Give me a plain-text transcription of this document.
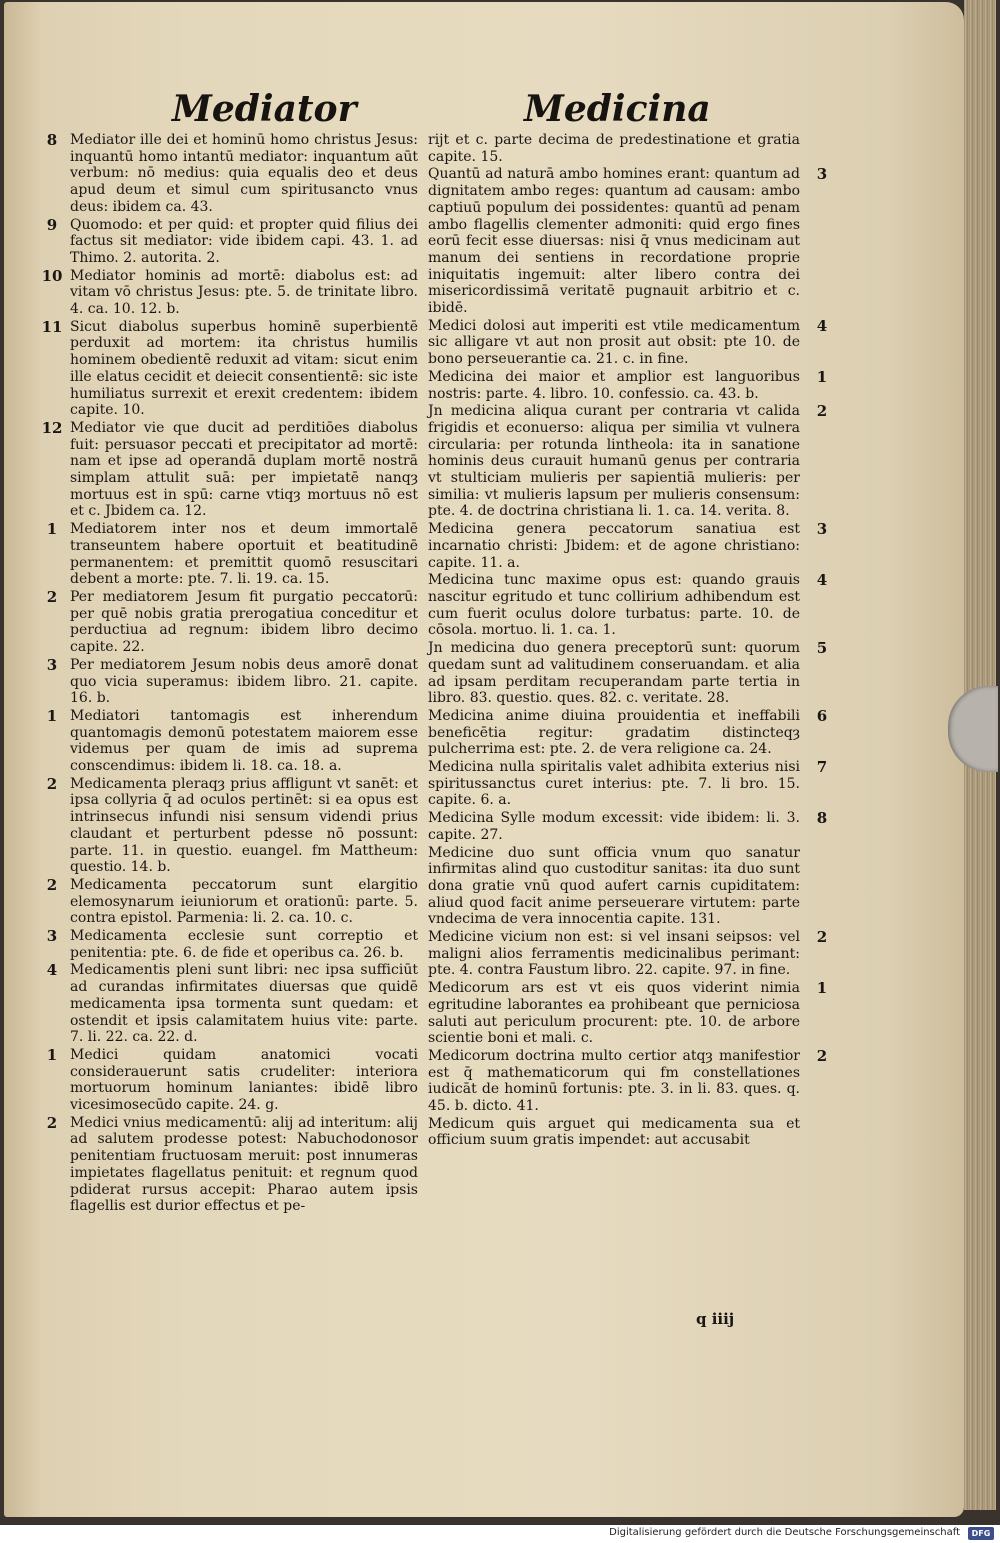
Mediator	Medicina
8 Mediator ille dei et hominū homo christus Jesus: inquantū homo intantū mediator: inquantum aūt verbum: nō medius: quia equalis deo et deus apud deum et simul cum spiritusancto vnus deus: ibidem ca. 43.
9 Quomodo: et per quid: et propter quid filius dei factus sit mediator: vide ibidem capi. 43. 1. ad Thimo. 2. autorita. 2.
10 Mediator hominis ad mortē: diabolus est: ad vitam vō christus Jesus: pte. 5. de trinitate libro. 4. ca. 10. 12. b.
11 Sicut diabolus superbus hominē superbientē perduxit ad mortem: ita christus humilis hominem obedientē reduxit ad vitam: sicut enim ille elatus cecidit et deiecit consentientē: sic iste humiliatus surrexit et erexit credentem: ibidem capite. 10.
12 Mediator vie que ducit ad perditiōes diabolus fuit: persuasor peccati et precipitator ad mortē: nam et ipse ad operandā duplam mortē nostrā simplam attulit suā: per impietatē nanqȝ mortuus est in spū: carne vtiqȝ mortuus nō est et c. Jbidem ca. 12.
1 Mediatorem inter nos et deum immortalē transeuntem habere oportuit et beatitudinē permanentem: et premittit quomō resuscitari debent a morte: pte. 7. li. 19. ca. 15.
2 Per mediatorem Jesum fit purgatio peccatorū: per quē nobis gratia prerogatiua conceditur et perductiua ad regnum: ibidem libro decimo capite. 22.
3 Per mediatorem Jesum nobis deus amorē donat quo vicia superamus: ibidem libro. 21. capite. 16. b.
1 Mediatori tantomagis est inherendum quantomagis demonū potestatem maiorem esse videmus per quam de imis ad suprema conscendimus: ibidem li. 18. ca. 18. a.
2 Medicamenta pleraqȝ prius affligunt vt sanēt: et ipsa collyria q̄ ad oculos pertinēt: si ea opus est intrinsecus infundi nisi sensum videndi prius claudant et perturbent pdesse nō possunt: parte. 11. in questio. euangel. fm Mattheum: questio. 14. b.
2 Medicamenta peccatorum sunt elargitio elemosynarum ieiuniorum et orationū: parte. 5. contra epistol. Parmenia: li. 2. ca. 10. c.
3 Medicamenta ecclesie sunt correptio et penitentia: pte. 6. de fide et operibus ca. 26. b.
4 Medicamentis pleni sunt libri: nec ipsa sufficiūt ad curandas infirmitates diuersas que quidē medicamenta ipsa tormenta sunt quedam: et ostendit et ipsis calamitatem huius vite: parte. 7. li. 22. ca. 22. d.
1 Medici quidam anatomici vocati considerauerunt satis crudeliter: interiora mortuorum hominum laniantes: ibidē libro vicesimosecūdo capite. 24. g.
2 Medici vnius medicamentū: alij ad interitum: alij ad salutem prodesse potest: Nabuchodonosor penitentiam fructuosam meruit: post innumeras impietates flagellatus penituit: et regnum quod pdiderat rursus accepit: Pharao autem ipsis flagellis est durior effectus et pe-
rijt et c. parte decima de predestinatione et gratia capite. 15.
3
Quantū ad naturā ambo homines erant: quantum ad dignitatem ambo reges: quantum ad causam: ambo captiuū populum dei possidentes: quantū ad penam ambo flagellis clementer admoniti: quid ergo fines eorū fecit esse diuersas: nisi q̄ vnus medicinam aut manum dei sentiens in recordatione proprie iniquitatis ingemuit: alter libero contra dei misericordissimā veritatē pugnauit arbitrio et c. ibidē.
4
Medici dolosi aut imperiti est vtile medicamentum sic alligare vt aut non prosit aut obsit: pte 10. de bono perseuerantie ca. 21. c. in fine.
1
Medicina dei maior et amplior est languoribus nostris: parte. 4. libro. 10. confessio. ca. 43. b.
2
Jn medicina aliqua curant per contraria vt calida frigidis et econuerso: aliqua per similia vt vulnera circularia: per rotunda lintheola: ita in sanatione hominis deus curauit humanū genus per contraria vt stulticiam mulieris per sapientiā mulieris: per similia: vt mulieris lapsum per mulieris consensum: pte. 4. de doctrina christiana li. 1. ca. 14. verita. 8.
3
Medicina genera peccatorum sanatiua est incarnatio christi: Jbidem: et de agone christiano: capite. 11. a.
4
Medicina tunc maxime opus est: quando grauis nascitur egritudo et tunc collirium adhibendum est cum fuerit oculus dolore turbatus: parte. 10. de cōsola. mortuo. li. 1. ca. 1.
5
Jn medicina duo genera preceptorū sunt: quorum quedam sunt ad valitudinem conseruandam. et alia ad ipsam perditam recuperandam parte tertia in libro. 83. questio. ques. 82. c. veritate. 28.
6
Medicina anime diuina prouidentia et ineffabili beneficētia regitur: gradatim distincteqȝ pulcherrima est: pte. 2. de vera religione ca. 24.
7
Medicina nulla spiritalis valet adhibita exterius nisi spiritussanctus curet interius: pte. 7. li bro. 15. capite. 6. a.
8
Medicina Sylle modum excessit: vide ibidem: li. 3. capite. 27.
Medicine duo sunt officia vnum quo sanatur infirmitas alind quo custoditur sanitas: ita duo sunt dona gratie vnū quod aufert carnis cupiditatem: aliud quod facit anime perseuerare virtutem: parte vndecima de vera innocentia capite. 131.
2
Medicine vicium non est: si vel insani seipsos: vel maligni alios ferramentis medicinalibus perimant: pte. 4. contra Faustum libro. 22. capite. 97. in fine.
1
Medicorum ars est vt eis quos viderint nimia egritudine laborantes ea prohibeant que perniciosa saluti aut periculum procurent: pte. 10. de arbore scientie boni et mali. c.
2
Medicorum doctrina multo certior atqȝ manifestior est q̄ mathematicorum qui fm constellationes iudicāt de hominū fortunis: pte. 3. in li. 83. ques. q. 45. b. dicto. 41.
Medicum quis arguet qui medicamenta sua et officium suum gratis impendet: aut accusabit
q iiij
Digitalisierung gefördert durch die Deutsche Forschungsgemeinschaft	DFG
